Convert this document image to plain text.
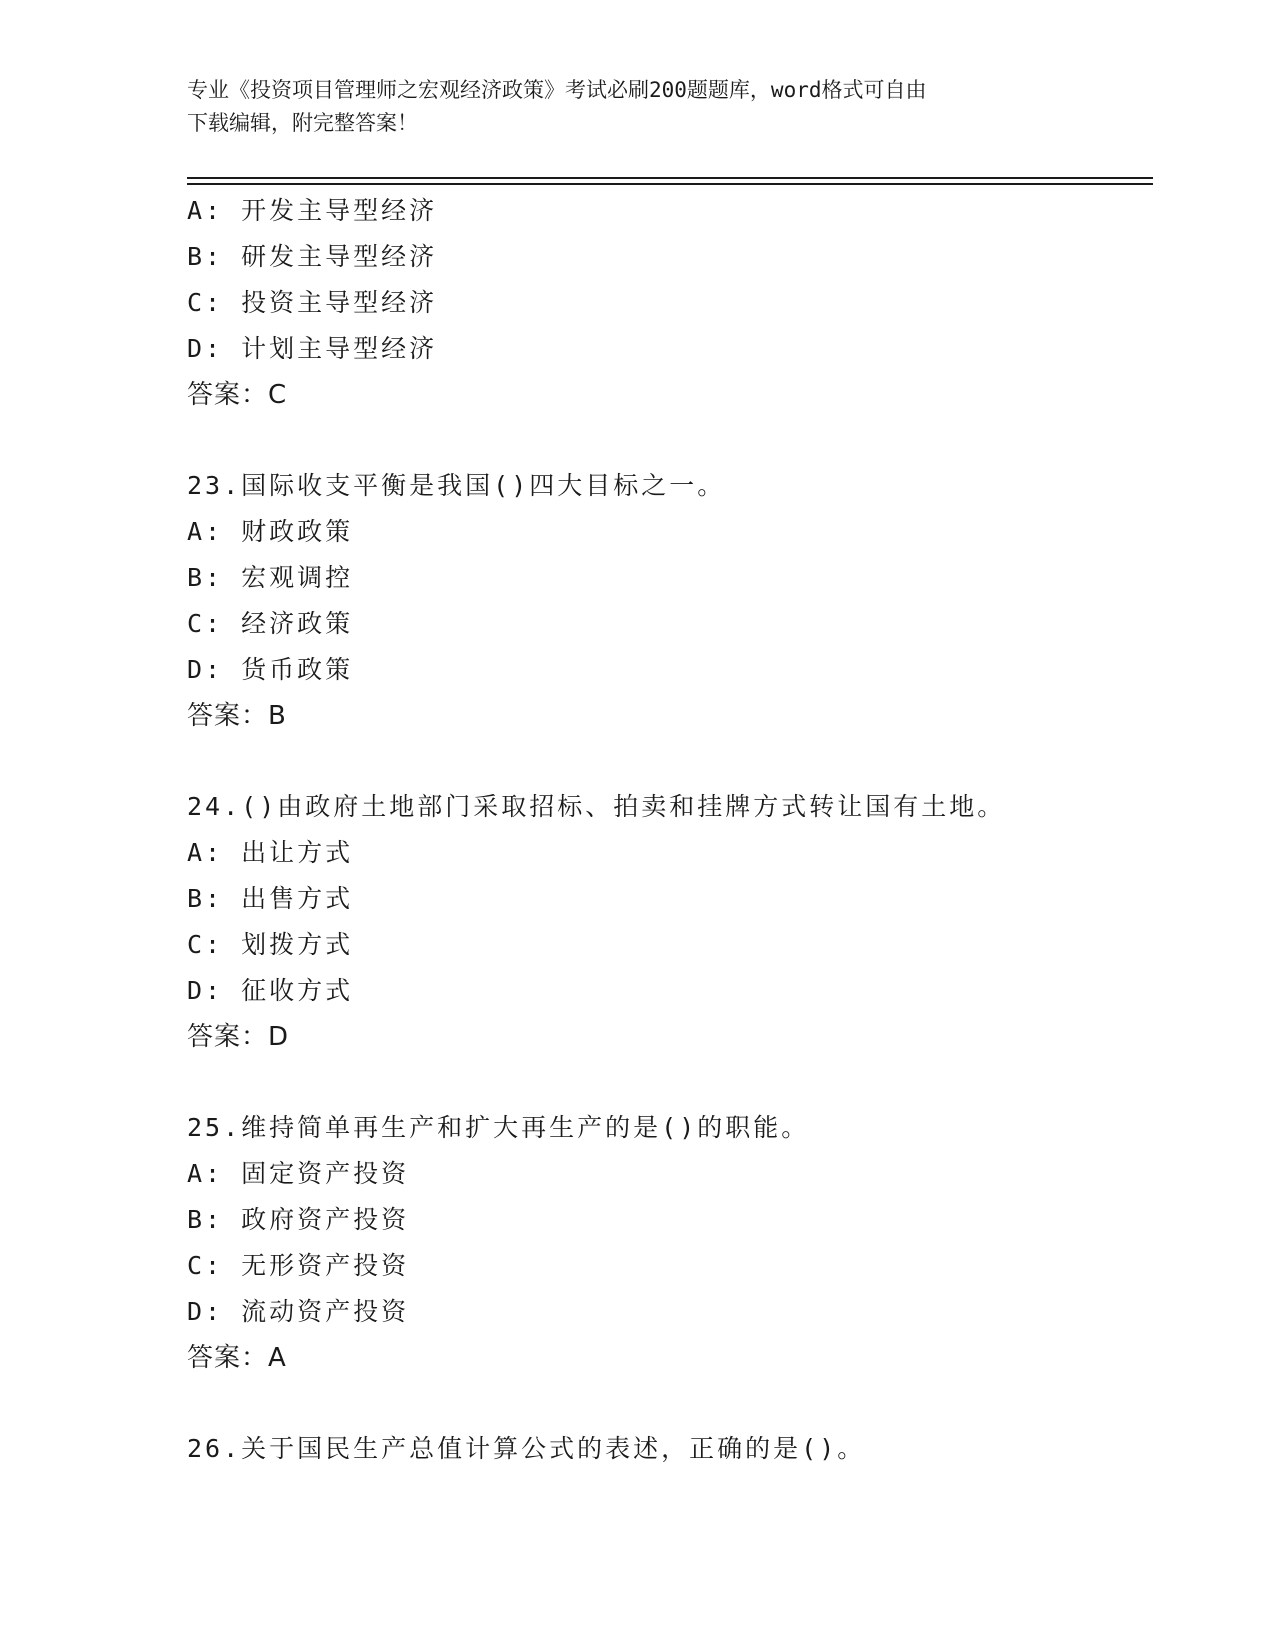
专业《投资项目管理师之宏观经济政策》考试必刷200题题库，word格式可自由
下载编辑，附完整答案！
A: 开发主导型经济
B: 研发主导型经济
C: 投资主导型经济
D: 计划主导型经济
答案：C
23.国际收支平衡是我国()四大目标之一。
A: 财政政策
B: 宏观调控
C: 经济政策
D: 货币政策
答案：B
24.()由政府土地部门采取招标、拍卖和挂牌方式转让国有土地。
A: 出让方式
B: 出售方式
C: 划拨方式
D: 征收方式
答案：D
25.维持简单再生产和扩大再生产的是()的职能。
A: 固定资产投资
B: 政府资产投资
C: 无形资产投资
D: 流动资产投资
答案：A
26.关于国民生产总值计算公式的表述，正确的是()。
